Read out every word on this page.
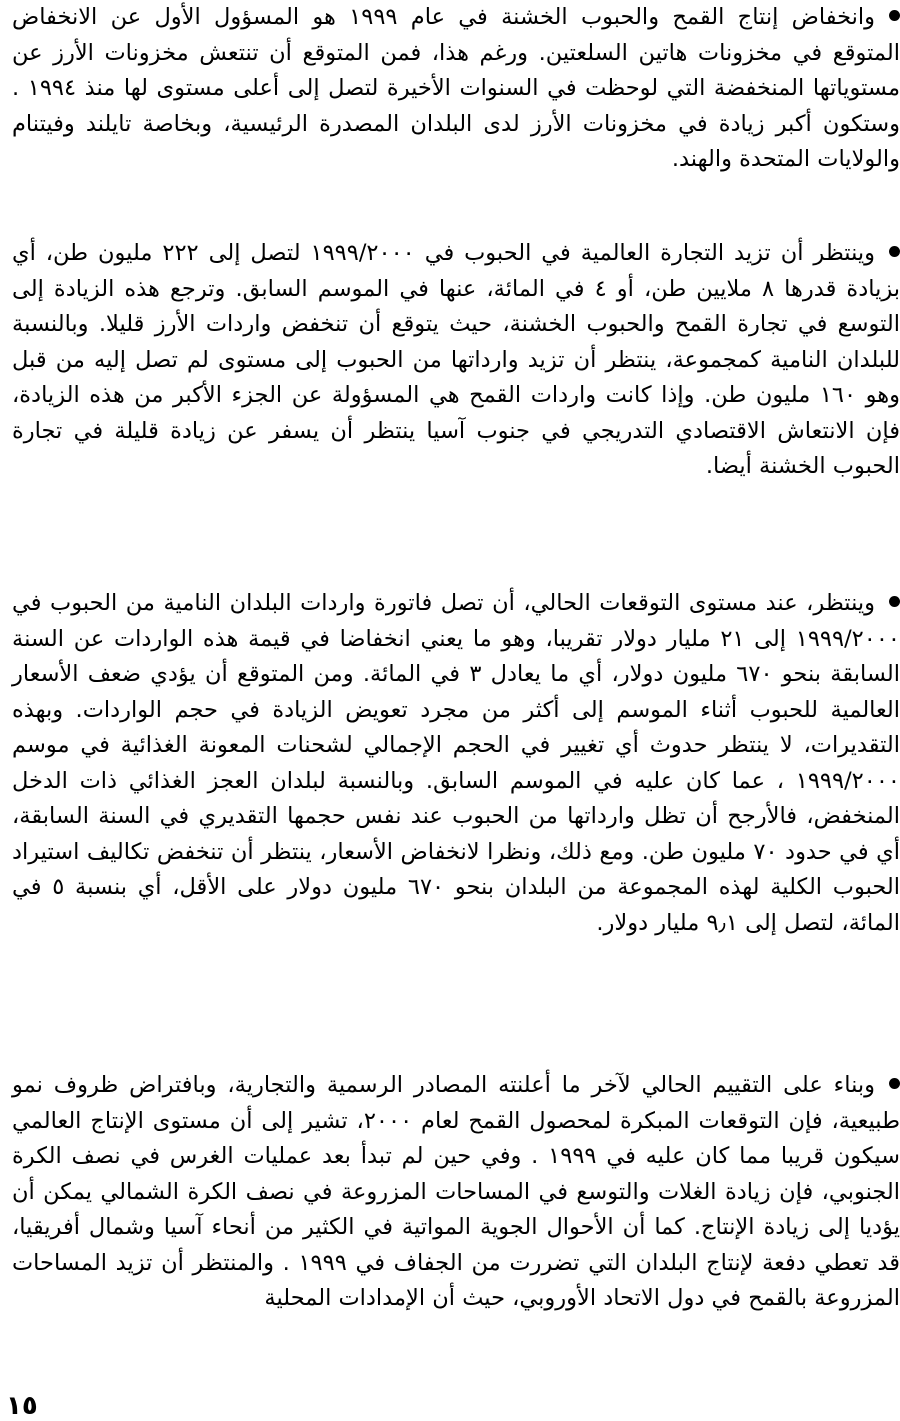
وانخفاض إنتاج القمح والحبوب الخشنة في عام ١٩٩٩ هو المسؤول الأول عن الانخفاض المتوقع في مخزونات هاتين السلعتين. ورغم هذا، فمن المتوقع أن تنتعش مخزونات الأرز عن مستوياتها المنخفضة التي لوحظت في السنوات الأخيرة لتصل إلى أعلى مستوى لها منذ ١٩٩٤ . وستكون أكبر زيادة في مخزونات الأرز لدى البلدان المصدرة الرئيسية، وبخاصة تايلند وفيتنام والولايات المتحدة والهند.

وينتظر أن تزيد التجارة العالمية في الحبوب في ١٩٩٩/٢٠٠٠ لتصل إلى ٢٢٢ مليون طن، أي بزيادة قدرها ٨ ملايين طن، أو ٤ في المائة، عنها في الموسم السابق. وترجع هذه الزيادة إلى التوسع في تجارة القمح والحبوب الخشنة، حيث يتوقع أن تنخفض واردات الأرز قليلا. وبالنسبة للبلدان النامية كمجموعة، ينتظر أن تزيد وارداتها من الحبوب إلى مستوى لم تصل إليه من قبل وهو ١٦٠ مليون طن. وإذا كانت واردات القمح هي المسؤولة عن الجزء الأكبر من هذه الزيادة، فإن الانتعاش الاقتصادي التدريجي في جنوب آسيا ينتظر أن يسفر عن زيادة قليلة في تجارة الحبوب الخشنة أيضا.

وينتظر، عند مستوى التوقعات الحالي، أن تصل فاتورة واردات البلدان النامية من الحبوب في ١٩٩٩/٢٠٠٠ إلى ٢١ مليار دولار تقريبا، وهو ما يعني انخفاضا في قيمة هذه الواردات عن السنة السابقة بنحو ٦٧٠ مليون دولار، أي ما يعادل ٣ في المائة. ومن المتوقع أن يؤدي ضعف الأسعار العالمية للحبوب أثناء الموسم إلى أكثر من مجرد تعويض الزيادة في حجم الواردات. وبهذه التقديرات، لا ينتظر حدوث أي تغيير في الحجم الإجمالي لشحنات المعونة الغذائية في موسم ١٩٩٩/٢٠٠٠ ، عما كان عليه في الموسم السابق. وبالنسبة لبلدان العجز الغذائي ذات الدخل المنخفض، فالأرجح أن تظل وارداتها من الحبوب عند نفس حجمها التقديري في السنة السابقة، أي في حدود ٧٠ مليون طن. ومع ذلك، ونظرا لانخفاض الأسعار، ينتظر أن تنخفض تكاليف استيراد الحبوب الكلية لهذه المجموعة من البلدان بنحو ٦٧٠ مليون دولار على الأقل، أي بنسبة ٥ في المائة، لتصل إلى ٩٫١ مليار دولار.

وبناء على التقييم الحالي لآخر ما أعلنته المصادر الرسمية والتجارية، وبافتراض ظروف نمو طبيعية، فإن التوقعات المبكرة لمحصول القمح لعام ٢٠٠٠، تشير إلى أن مستوى الإنتاج العالمي سيكون قريبا مما كان عليه في ١٩٩٩ . وفي حين لم تبدأ بعد عمليات الغرس في نصف الكرة الجنوبي، فإن زيادة الغلات والتوسع في المساحات المزروعة في نصف الكرة الشمالي يمكن أن يؤديا إلى زيادة الإنتاج. كما أن الأحوال الجوية المواتية في الكثير من أنحاء آسيا وشمال أفريقيا، قد تعطي دفعة لإنتاج البلدان التي تضررت من الجفاف في ١٩٩٩ . والمنتظر أن تزيد المساحات المزروعة بالقمح في دول الاتحاد الأوروبي، حيث أن الإمدادات المحلية

١٥
